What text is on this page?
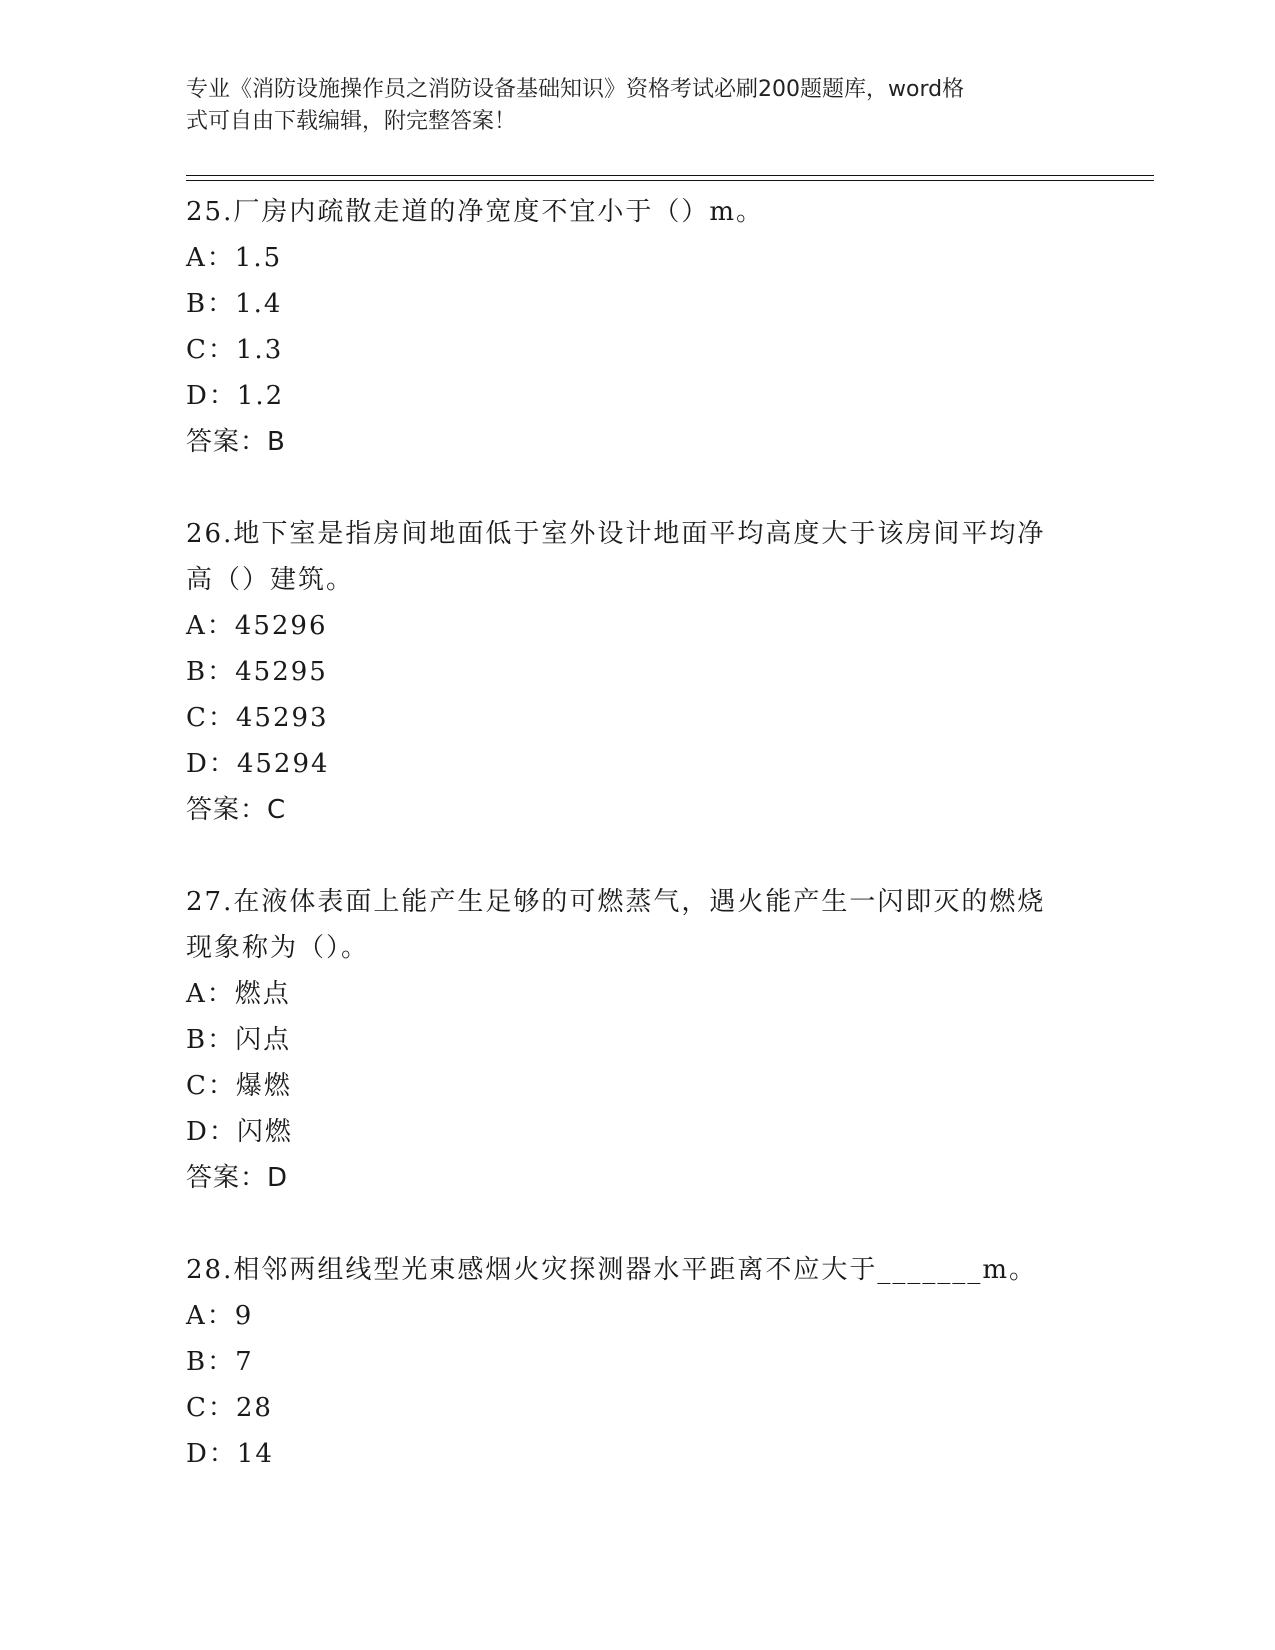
专业《消防设施操作员之消防设备基础知识》资格考试必刷200题题库，word格
式可自由下载编辑，附完整答案！
25.厂房内疏散走道的净宽度不宜小于（）m。
A：1.5
B：1.4
C：1.3
D：1.2
答案：B
26.地下室是指房间地面低于室外设计地面平均高度大于该房间平均净
高（）建筑。
A：45296
B：45295
C：45293
D：45294
答案：C
27.在液体表面上能产生足够的可燃蒸气，遇火能产生一闪即灭的燃烧
现象称为（）。
A：燃点
B：闪点
C：爆燃
D：闪燃
答案：D
28.相邻两组线型光束感烟火灾探测器水平距离不应大于_______m。
A：9
B：7
C：28
D：14
